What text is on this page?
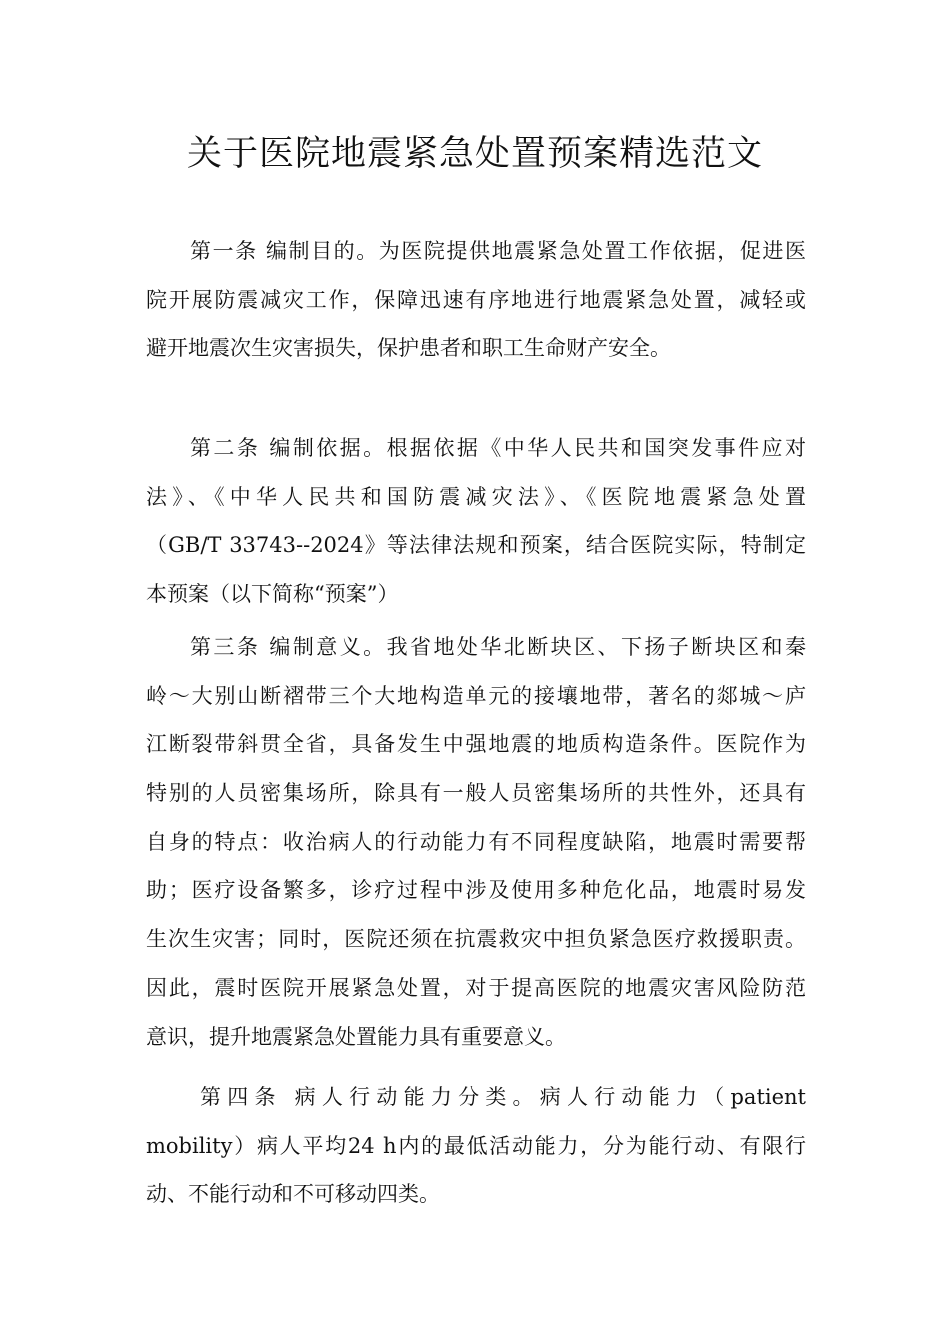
关于医院地震紧急处置预案精选范文
第一条 编制目的。为医院提供地震紧急处置工作依据，促进医
院开展防震减灾工作，保障迅速有序地进行地震紧急处置，减轻或
避开地震次生灾害损失，保护患者和职工生命财产安全。
第二条 编制依据。根据依据《中华人民共和国突发事件应对
法》、《中华人民共和国防震减灾法》、《医院地震紧急处置
（GB/T 33743--2024》等法律法规和预案，结合医院实际，特制定
本预案（以下简称“预案”）
第三条 编制意义。我省地处华北断块区、下扬子断块区和秦
岭～大别山断褶带三个大地构造单元的接壤地带，著名的郯城～庐
江断裂带斜贯全省，具备发生中强地震的地质构造条件。医院作为
特别的人员密集场所，除具有一般人员密集场所的共性外，还具有
自身的特点：收治病人的行动能力有不同程度缺陷，地震时需要帮
助；医疗设备繁多，诊疗过程中涉及使用多种危化品，地震时易发
生次生灾害；同时，医院还须在抗震救灾中担负紧急医疗救援职责。
因此，震时医院开展紧急处置，对于提高医院的地震灾害风险防范
意识，提升地震紧急处置能力具有重要意义。
第四条 病人行动能力分类。病人行动能力（patient
mobility）病人平均24 h内的最低活动能力，分为能行动、有限行
动、不能行动和不可移动四类。
